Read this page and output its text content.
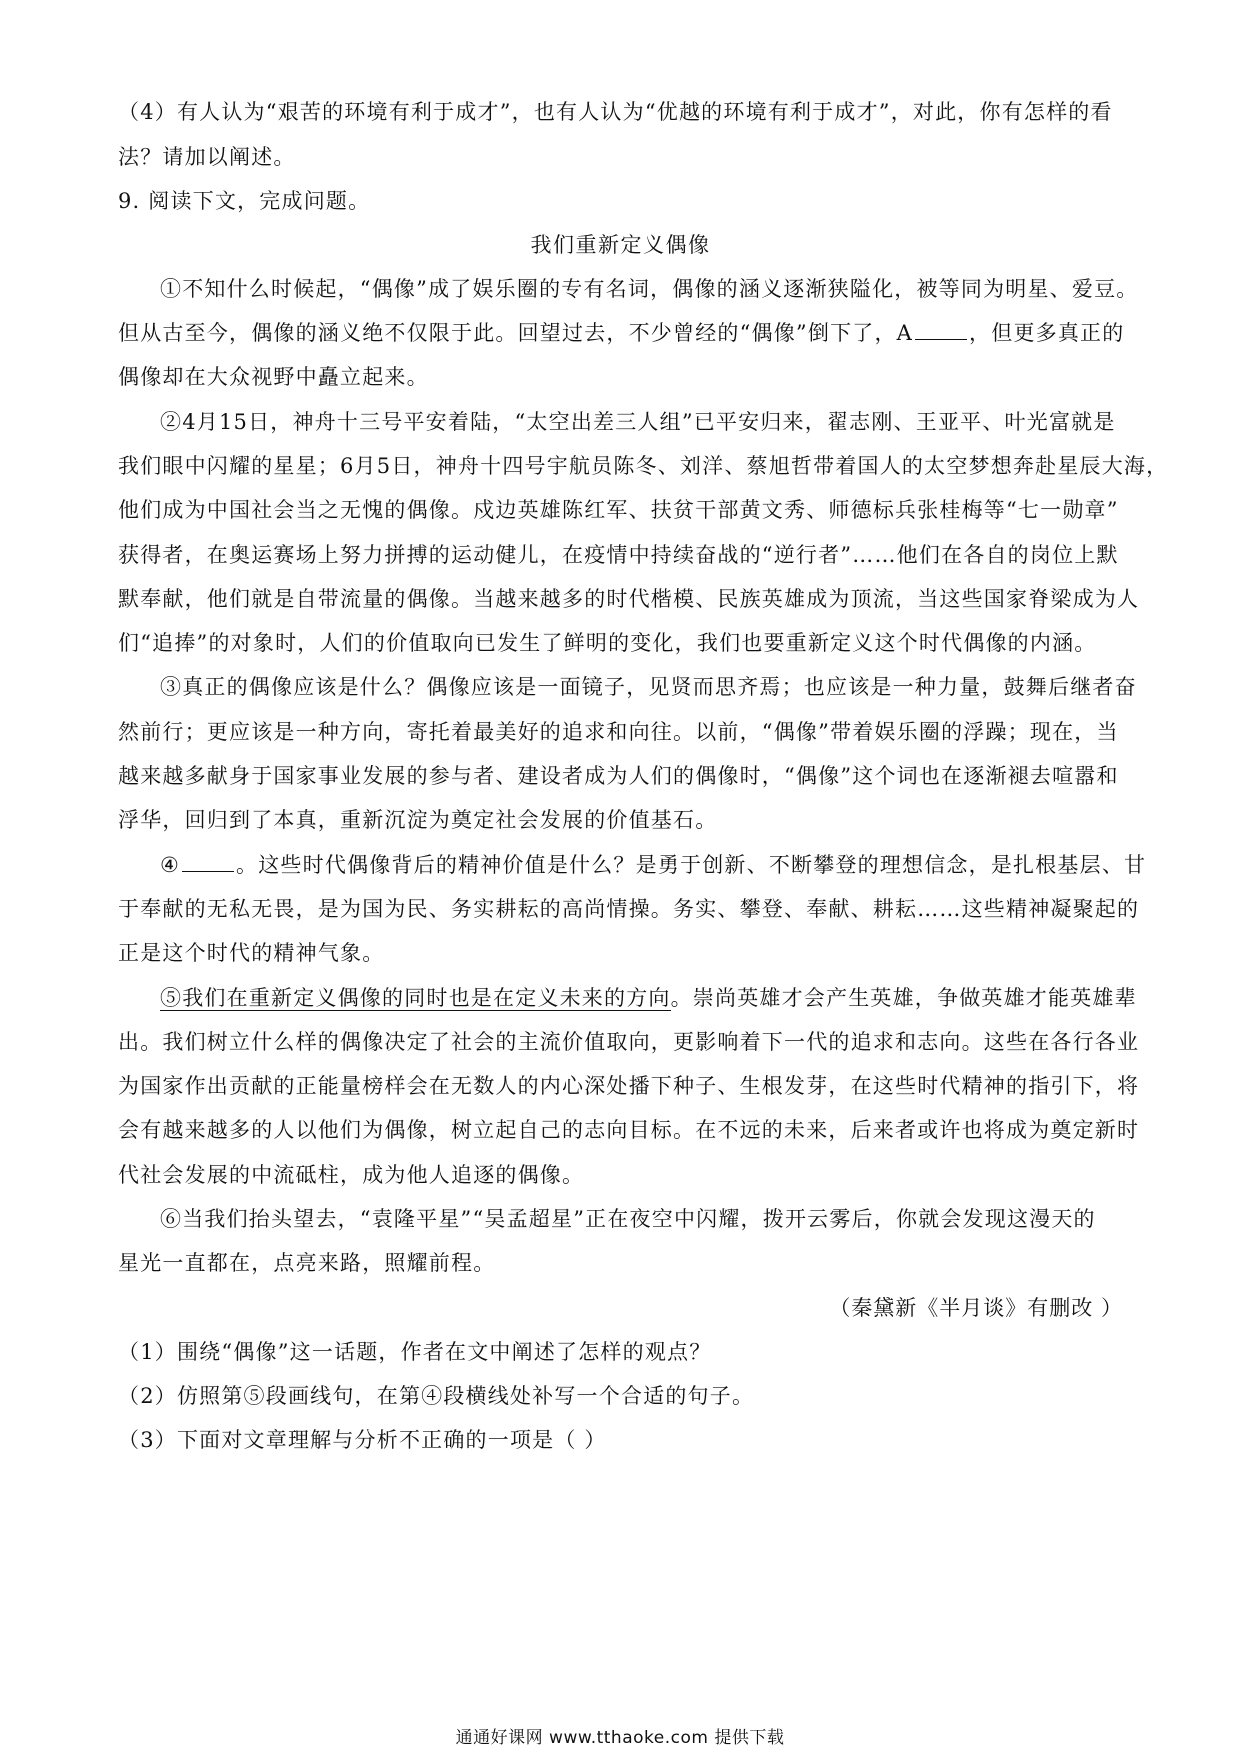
（4）有人认为“艰苦的环境有利于成才”，也有人认为“优越的环境有利于成才”，对此，你有怎样的看
法？请加以阐述。
9. 阅读下文，完成问题。
我们重新定义偶像
①不知什么时候起，“偶像”成了娱乐圈的专有名词，偶像的涵义逐渐狭隘化，被等同为明星、爱豆。
但从古至今，偶像的涵义绝不仅限于此。回望过去，不少曾经的“偶像”倒下了，A	，但更多真正的
偶像却在大众视野中矗立起来。
②4月15日，神舟十三号平安着陆，“太空出差三人组”已平安归来，翟志刚、王亚平、叶光富就是
我们眼中闪耀的星星；6月5日，神舟十四号宇航员陈冬、刘洋、蔡旭哲带着国人的太空梦想奔赴星辰大海，
他们成为中国社会当之无愧的偶像。戍边英雄陈红军、扶贫干部黄文秀、师德标兵张桂梅等“七一勋章”
获得者，在奥运赛场上努力拼搏的运动健儿，在疫情中持续奋战的“逆行者”……他们在各自的岗位上默
默奉献，他们就是自带流量的偶像。当越来越多的时代楷模、民族英雄成为顶流，当这些国家脊梁成为人
们“追捧”的对象时，人们的价值取向已发生了鲜明的变化，我们也要重新定义这个时代偶像的内涵。
③真正的偶像应该是什么？偶像应该是一面镜子，见贤而思齐焉；也应该是一种力量，鼓舞后继者奋
然前行；更应该是一种方向，寄托着最美好的追求和向往。以前，“偶像”带着娱乐圈的浮躁；现在，当
越来越多献身于国家事业发展的参与者、建设者成为人们的偶像时，“偶像”这个词也在逐渐褪去喧嚣和
浮华，回归到了本真，重新沉淀为奠定社会发展的价值基石。
④	。这些时代偶像背后的精神价值是什么？是勇于创新、不断攀登的理想信念，是扎根基层、甘
于奉献的无私无畏，是为国为民、务实耕耘的高尚情操。务实、攀登、奉献、耕耘……这些精神凝聚起的
正是这个时代的精神气象。
⑤我们在重新定义偶像的同时也是在定义未来的方向。崇尚英雄才会产生英雄，争做英雄才能英雄辈
出。我们树立什么样的偶像决定了社会的主流价值取向，更影响着下一代的追求和志向。这些在各行各业
为国家作出贡献的正能量榜样会在无数人的内心深处播下种子、生根发芽，在这些时代精神的指引下，将
会有越来越多的人以他们为偶像，树立起自己的志向目标。在不远的未来，后来者或许也将成为奠定新时
代社会发展的中流砥柱，成为他人追逐的偶像。
⑥当我们抬头望去，“袁隆平星”“吴孟超星”正在夜空中闪耀，拨开云雾后，你就会发现这漫天的
星光一直都在，点亮来路，照耀前程。
（秦黛新《半月谈》有删改 ）
（1）围绕“偶像”这一话题，作者在文中阐述了怎样的观点？
（2）仿照第⑤段画线句，在第④段横线处补写一个合适的句子。
（3）下面对文章理解与分析不正确的一项是（ ）
通通好课网 www.tthaoke.com 提供下载
